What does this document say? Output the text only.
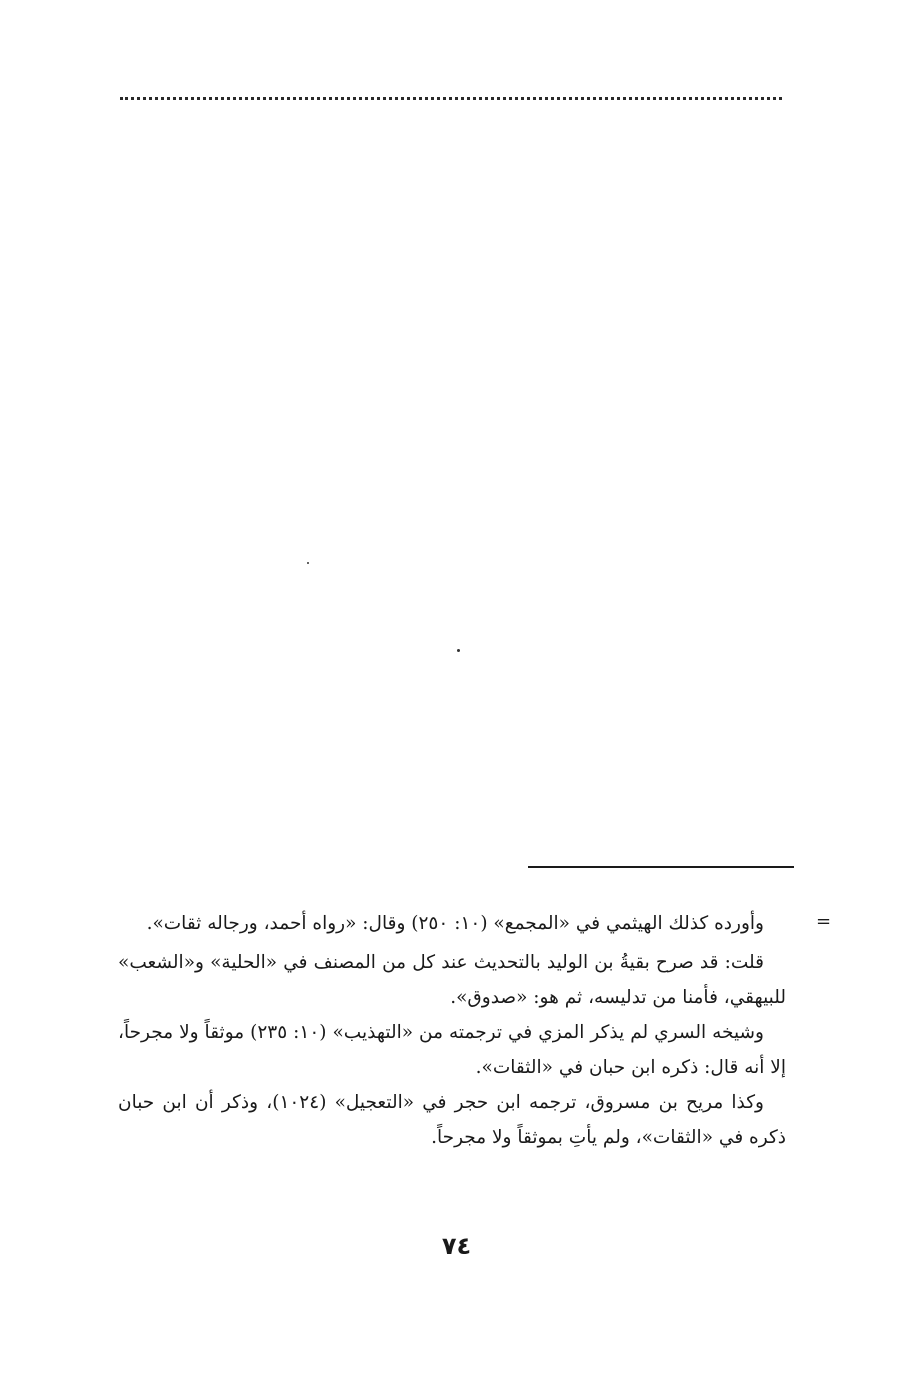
=

وأورده كذلك الهيثمي في «المجمع» (١٠: ٢٥٠) وقال: «رواه أحمد، ورجاله ثقات».

قلت: قد صرح بقيةُ بن الوليد بالتحديث عند كل من المصنف في «الحلية» و«الشعب» للبيهقي، فأمنا من تدليسه، ثم هو: «صدوق».

وشيخه السري لم يذكر المزي في ترجمته من «التهذيب» (١٠: ٢٣٥) موثقاً ولا مجرحاً، إلا أنه قال: ذكره ابن حبان في «الثقات».

وكذا مريح بن مسروق، ترجمه ابن حجر في «التعجيل» (١٠٢٤)، وذكر أن ابن حبان ذكره في «الثقات»، ولم يأتِ بموثقاً ولا مجرحاً.

٧٤
